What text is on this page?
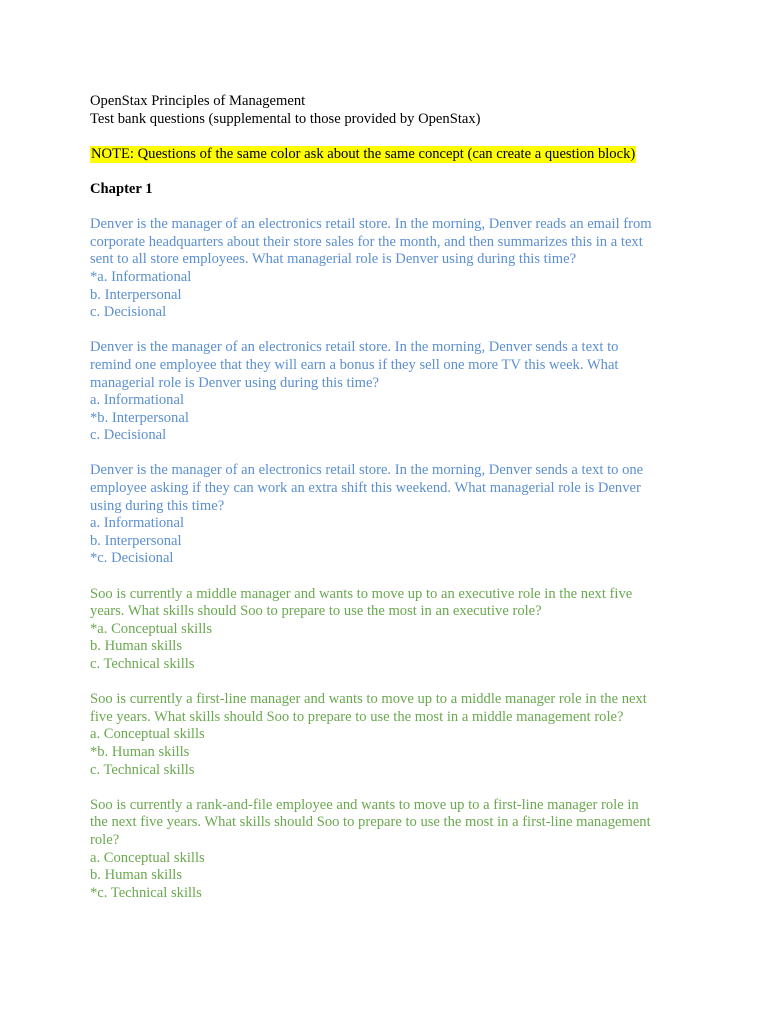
OpenStax Principles of Management
Test bank questions (supplemental to those provided by OpenStax)
NOTE: Questions of the same color ask about the same concept (can create a question block)
Chapter 1
Denver is the manager of an electronics retail store. In the morning, Denver reads an email from
corporate headquarters about their store sales for the month, and then summarizes this in a text
sent to all store employees. What managerial role is Denver using during this time?
*a. Informational
b. Interpersonal
c. Decisional
Denver is the manager of an electronics retail store. In the morning, Denver sends a text to
remind one employee that they will earn a bonus if they sell one more TV this week. What
managerial role is Denver using during this time?
a. Informational
*b. Interpersonal
c. Decisional
Denver is the manager of an electronics retail store. In the morning, Denver sends a text to one
employee asking if they can work an extra shift this weekend. What managerial role is Denver
using during this time?
a. Informational
b. Interpersonal
*c. Decisional
Soo is currently a middle manager and wants to move up to an executive role in the next five
years. What skills should Soo to prepare to use the most in an executive role?
*a. Conceptual skills
b. Human skills
c. Technical skills
Soo is currently a first-line manager and wants to move up to a middle manager role in the next
five years. What skills should Soo to prepare to use the most in a middle management role?
a. Conceptual skills
*b. Human skills
c. Technical skills
Soo is currently a rank-and-file employee and wants to move up to a first-line manager role in
the next five years. What skills should Soo to prepare to use the most in a first-line management
role?
a. Conceptual skills
b. Human skills
*c. Technical skills
